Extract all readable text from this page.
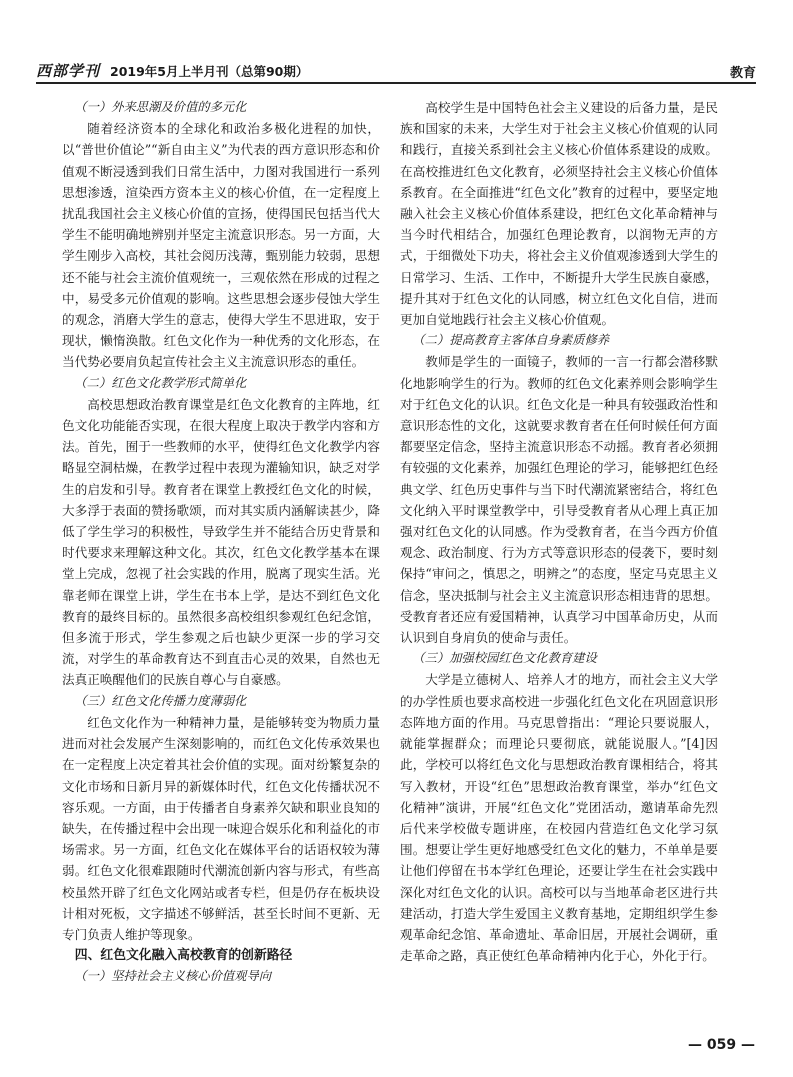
西部学刊 2019年5月上半月刊（总第90期）	教育
（一）外来思潮及价值的多元化

随着经济资本的全球化和政治多极化进程的加快，以“普世价值论”“新自由主义”为代表的西方意识形态和价值观不断浸透到我们日常生活中，力图对我国进行一系列思想渗透，渲染西方资本主义的核心价值，在一定程度上扰乱我国社会主义核心价值的宣扬，使得国民包括当代大学生不能明确地辨别并坚定主流意识形态。另一方面，大学生刚步入高校，其社会阅历浅薄，甄别能力较弱，思想还不能与社会主流价值观统一，三观依然在形成的过程之中，易受多元价值观的影响。这些思想会逐步侵蚀大学生的观念，消磨大学生的意志，使得大学生不思进取，安于现状，懒惰涣散。红色文化作为一种优秀的文化形态，在当代势必要肩负起宣传社会主义主流意识形态的重任。

（二）红色文化教学形式简单化

高校思想政治教育课堂是红色文化教育的主阵地，红色文化功能能否实现，在很大程度上取决于教学内容和方法。首先，囿于一些教师的水平，使得红色文化教学内容略显空洞枯燥，在教学过程中表现为灌输知识，缺乏对学生的启发和引导。教育者在课堂上教授红色文化的时候，大多浮于表面的赞扬歌颂，而对其实质内涵解读甚少，降低了学生学习的积极性，导致学生并不能结合历史背景和时代要求来理解这种文化。其次，红色文化教学基本在课堂上完成，忽视了社会实践的作用，脱离了现实生活。光靠老师在课堂上讲，学生在书本上学，是达不到红色文化教育的最终目标的。虽然很多高校组织参观红色纪念馆，但多流于形式，学生参观之后也缺少更深一步的学习交流，对学生的革命教育达不到直击心灵的效果，自然也无法真正唤醒他们的民族自尊心与自豪感。

（三）红色文化传播力度薄弱化

红色文化作为一种精神力量，是能够转变为物质力量进而对社会发展产生深刻影响的，而红色文化传承效果也在一定程度上决定着其社会价值的实现。面对纷繁复杂的文化市场和日新月异的新媒体时代，红色文化传播状况不容乐观。一方面，由于传播者自身素养欠缺和职业良知的缺失，在传播过程中会出现一味迎合娱乐化和利益化的市场需求。另一方面，红色文化在媒体平台的话语权较为薄弱。红色文化很难跟随时代潮流创新内容与形式，有些高校虽然开辟了红色文化网站或者专栏，但是仍存在板块设计相对死板，文字描述不够鲜活，甚至长时间不更新、无专门负责人维护等现象。

四、红色文化融入高校教育的创新路径
（一）坚持社会主义核心价值观导向

高校学生是中国特色社会主义建设的后备力量，是民族和国家的未来，大学生对于社会主义核心价值观的认同和践行，直接关系到社会主义核心价值体系建设的成败。在高校推进红色文化教育，必须坚持社会主义核心价值体系教育。在全面推进“红色文化”教育的过程中，要坚定地融入社会主义核心价值体系建设，把红色文化革命精神与当今时代相结合，加强红色理论教育，以润物无声的方式，于细微处下功夫，将社会主义价值观渗透到大学生的日常学习、生活、工作中，不断提升大学生民族自豪感，提升其对于红色文化的认同感，树立红色文化自信，进而更加自觉地践行社会主义核心价值观。

（二）提高教育主客体自身素质修养

教师是学生的一面镜子，教师的一言一行都会潜移默化地影响学生的行为。教师的红色文化素养则会影响学生对于红色文化的认识。红色文化是一种具有较强政治性和意识形态性的文化，这就要求教育者在任何时候任何方面都要坚定信念，坚持主流意识形态不动摇。教育者必须拥有较强的文化素养，加强红色理论的学习，能够把红色经典文学、红色历史事件与当下时代潮流紧密结合，将红色文化纳入平时课堂教学中，引导受教育者从心理上真正加强对红色文化的认同感。作为受教育者，在当今西方价值观念、政治制度、行为方式等意识形态的侵袭下，要时刻保持“审问之，慎思之，明辨之”的态度，坚定马克思主义信念，坚决抵制与社会主义主流意识形态相违背的思想。受教育者还应有爱国精神，认真学习中国革命历史，从而认识到自身肩负的使命与责任。

（三）加强校园红色文化教育建设

大学是立德树人、培养人才的地方，而社会主义大学的办学性质也要求高校进一步强化红色文化在巩固意识形态阵地方面的作用。马克思曾指出：“理论只要说服人，就能掌握群众；而理论只要彻底，就能说服人。”[4]因此，学校可以将红色文化与思想政治教育课相结合，将其写入教材，开设“红色”思想政治教育课堂，举办“红色文化精神”演讲，开展“红色文化”党团活动，邀请革命先烈后代来学校做专题讲座，在校园内营造红色文化学习氛围。想要让学生更好地感受红色文化的魅力，不单单是要让他们停留在书本学红色理论，还要让学生在社会实践中深化对红色文化的认识。高校可以与当地革命老区进行共建活动，打造大学生爱国主义教育基地，定期组织学生参观革命纪念馆、革命遗址、革命旧居，开展社会调研，重走革命之路，真正使红色革命精神内化于心，外化于行。

— 059 —
